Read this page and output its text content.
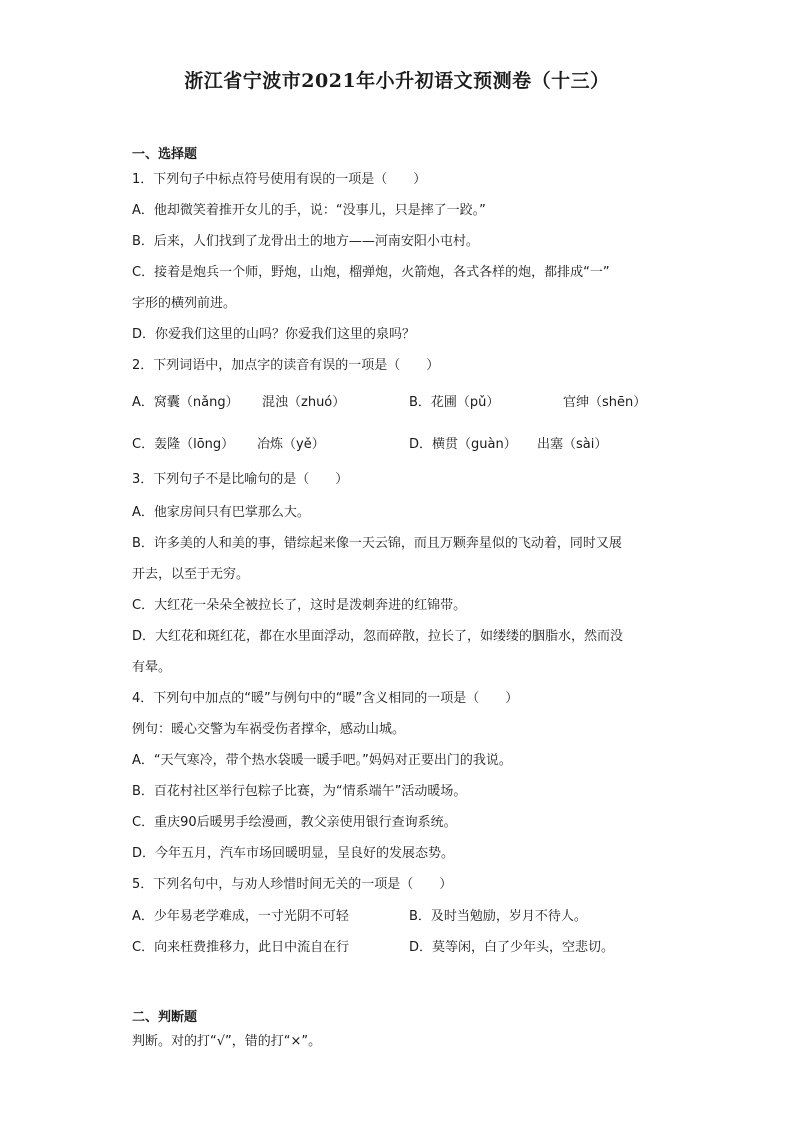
浙江省宁波市2021年小升初语文预测卷（十三）
一、选择题
1．下列句子中标点符号使用有误的一项是（　　）
A．他却微笑着推开女儿的手，说：“没事儿，只是摔了一跤。”
B．后来，人们找到了龙骨出土的地方——河南安阳小屯村。
C．接着是炮兵一个师，野炮，山炮，榴弹炮，火箭炮，各式各样的炮，都排成“一”
字形的横列前进。
D．你爱我们这里的山吗？你爱我们这里的泉吗？
2．下列词语中，加点字的读音有误的一项是（　　）
A．窝囊（nǎng） 混浊（zhuó）	B．花圃（pǔ）	官绅（shēn）
C．轰隆（lōng） 冶炼（yě）	D．横贯（guàn） 出塞（sài）
3．下列句子不是比喻句的是（　　）
A．他家房间只有巴掌那么大。
B．许多美的人和美的事，错综起来像一天云锦，而且万颗奔星似的飞动着，同时又展
开去，以至于无穷。
C．大红花一朵朵全被拉长了，这时是泼刺奔进的红锦带。
D．大红花和斑红花，都在水里面浮动，忽而碎散，拉长了，如缕缕的胭脂水，然而没
有晕。
4．下列句中加点的“暖”与例句中的“暖”含义相同的一项是（　　）
例句：暖心交警为车祸受伤者撑伞，感动山城。
A．“天气寒冷，带个热水袋暖一暖手吧。”妈妈对正要出门的我说。
B．百花村社区举行包粽子比赛，为“情系端午”活动暖场。
C．重庆90后暖男手绘漫画，教父亲使用银行查询系统。
D．今年五月，汽车市场回暖明显，呈良好的发展态势。
5．下列名句中，与劝人珍惜时间无关的一项是（　　）
A．少年易老学难成，一寸光阴不可轻	B．及时当勉励，岁月不待人。
C．向来枉费推移力，此日中流自在行	D．莫等闲，白了少年头，空悲切。
二、判断题
判断。对的打“√”，错的打“×”。
